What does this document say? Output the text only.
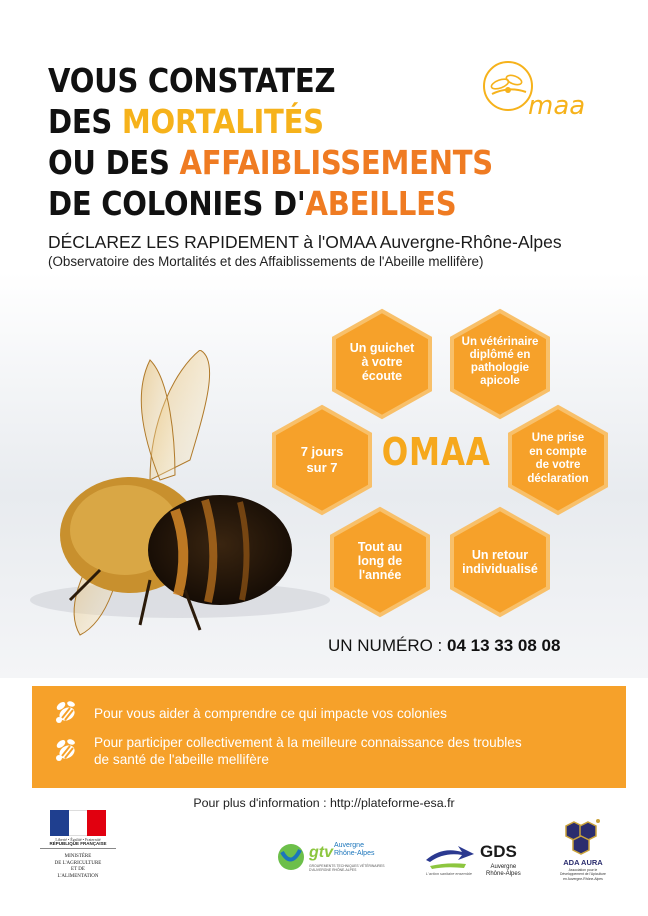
VOUS CONSTATEZ
DES MORTALITÉS
OU DES AFFAIBLISSEMENTS
DE COLONIES D'ABEILLES
maa
DÉCLAREZ LES RAPIDEMENT à l'OMAA Auvergne-Rhône-Alpes
(Observatoire des Mortalités et des Affaiblissements de l'Abeille mellifère)
Un guichet
à votre
écoute
Un vétérinaire
diplômé en
pathologie
apicole
7 jours
sur 7	OMAA	Une prise
en compte
de votre
déclaration
Tout au
long de
l'année
Un retour
individualisé
UN NUMÉRO : 04 13 33 08 08
Pour vous aider à comprendre ce qui impacte vos colonies
Pour participer collectivement à la meilleure connaissance des troubles
de santé de l'abeille mellifère
Pour plus d'information : http://plateforme-esa.fr
Liberté • Égalité • Fraternité
RÉPUBLIQUE FRANÇAISE
MINISTÈRE
DE L'AGRICULTURE
ET DE
L'ALIMENTATION
gtv Auvergne
Rhône-Alpes
GROUPEMENTS TECHNIQUES VÉTÉRINAIRES
D'AUVERGNE RHÔNE-ALPES
GDS
Auvergne
Rhône-Alpes
L'action sanitaire ensemble
ADA AURA
Association pour le
Développement de l'Apiculture
en Auvergne-Rhône-Alpes
